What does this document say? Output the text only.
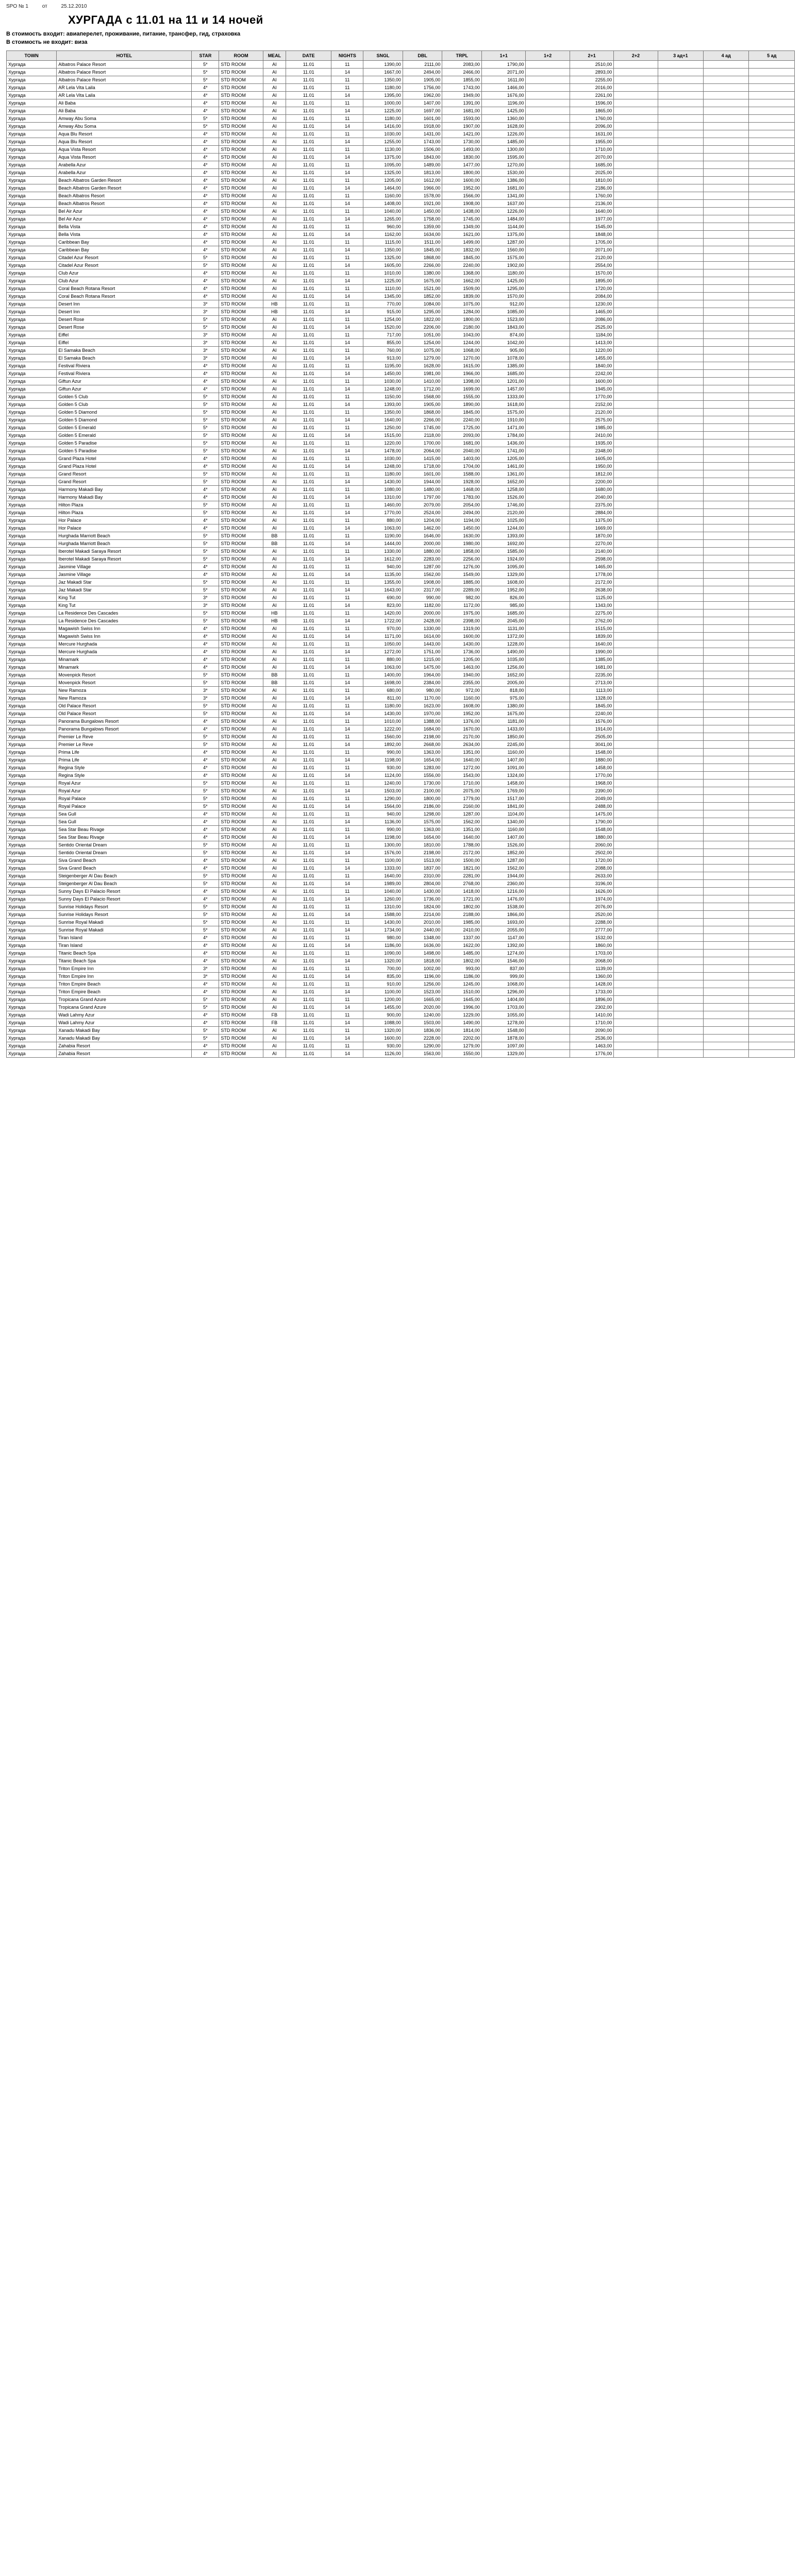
SPO № 1	от	25.12.2010
ХУРГАДА с 11.01 на 11 и 14 ночей
В стоимость входит: авиаперелет, проживание, питание, трансфер, гид, страховка
В стоимость не входит: виза
TOWN	HOTEL	STAR	ROOM	MEAL	DATE	NIGHTS	SNGL	DBL	TRPL	1+1	1+2	2+1	2+2	3 ад+1	4 ад	5 ад
Хургада	Albatros Palace Resort	5*	STD ROOM	AI	11.01	11	1390,00	2111,00	2083,00	1790,00		2510,00				
Хургада	Albatros Palace Resort	5*	STD ROOM	AI	11.01	14	1667,00	2494,00	2466,00	2071,00		2893,00				
Хургада	Albatros Palace Resort	5*	STD ROOM	AI	11.01	11	1350,00	1905,00	1855,00	1611,00		2255,00				
Хургада	AR Lela Vita Laila	4*	STD ROOM	AI	11.01	11	1180,00	1756,00	1743,00	1466,00		2016,00				
Хургада	AR Lela Vita Laila	4*	STD ROOM	AI	11.01	14	1395,00	1962,00	1949,00	1676,00		2261,00				
Хургада	Ali Baba	4*	STD ROOM	AI	11.01	11	1000,00	1407,00	1391,00	1196,00		1596,00				
Хургада	Ali Baba	4*	STD ROOM	AI	11.01	14	1225,00	1697,00	1681,00	1425,00		1865,00				
Хургада	Amway Abu Soma	5*	STD ROOM	AI	11.01	11	1180,00	1601,00	1593,00	1360,00		1760,00				
Хургада	Amway Abu Soma	5*	STD ROOM	AI	11.01	14	1416,00	1918,00	1907,00	1628,00		2096,00				
Хургада	Aqua Blu Resort	4*	STD ROOM	AI	11.01	11	1030,00	1431,00	1421,00	1226,00		1631,00				
Хургада	Aqua Blu Resort	4*	STD ROOM	AI	11.01	14	1255,00	1743,00	1730,00	1485,00		1955,00				
Хургада	Aqua Vista Resort	4*	STD ROOM	AI	11.01	11	1130,00	1506,00	1493,00	1300,00		1710,00				
Хургада	Aqua Vista Resort	4*	STD ROOM	AI	11.01	14	1375,00	1843,00	1830,00	1595,00		2070,00				
Хургада	Arabella Azur	4*	STD ROOM	AI	11.01	11	1095,00	1489,00	1477,00	1270,00		1685,00				
Хургада	Arabella Azur	4*	STD ROOM	AI	11.01	14	1325,00	1813,00	1800,00	1530,00		2025,00				
Хургада	Beach Albatros Garden Resort	4*	STD ROOM	AI	11.01	11	1205,00	1612,00	1600,00	1386,00		1810,00				
Хургада	Beach Albatros Garden Resort	4*	STD ROOM	AI	11.01	14	1464,00	1966,00	1952,00	1681,00		2186,00				
Хургада	Beach Albatros Resort	4*	STD ROOM	AI	11.01	11	1160,00	1578,00	1566,00	1341,00		1760,00				
Хургада	Beach Albatros Resort	4*	STD ROOM	AI	11.01	14	1408,00	1921,00	1908,00	1637,00		2136,00				
Хургада	Bel Air Azur	4*	STD ROOM	AI	11.01	11	1040,00	1450,00	1438,00	1226,00		1640,00				
Хургада	Bel Air Azur	4*	STD ROOM	AI	11.01	14	1265,00	1758,00	1745,00	1484,00		1977,00				
Хургада	Bella Vista	4*	STD ROOM	AI	11.01	11	960,00	1359,00	1349,00	1144,00		1545,00				
Хургада	Bella Vista	4*	STD ROOM	AI	11.01	14	1162,00	1634,00	1621,00	1375,00		1848,00				
Хургада	Caribbean Bay	4*	STD ROOM	AI	11.01	11	1115,00	1511,00	1499,00	1287,00		1705,00				
Хургада	Caribbean Bay	4*	STD ROOM	AI	11.01	14	1350,00	1845,00	1832,00	1560,00		2071,00				
Хургада	Citadel Azur Resort	5*	STD ROOM	AI	11.01	11	1325,00	1868,00	1845,00	1575,00		2120,00				
Хургада	Citadel Azur Resort	5*	STD ROOM	AI	11.01	14	1605,00	2266,00	2240,00	1902,00		2554,00				
Хургада	Club Azur	4*	STD ROOM	AI	11.01	11	1010,00	1380,00	1368,00	1180,00		1570,00				
Хургада	Club Azur	4*	STD ROOM	AI	11.01	14	1225,00	1675,00	1662,00	1425,00		1895,00				
Хургада	Coral Beach Rotana Resort	4*	STD ROOM	AI	11.01	11	1110,00	1521,00	1509,00	1295,00		1720,00				
Хургада	Coral Beach Rotana Resort	4*	STD ROOM	AI	11.01	14	1345,00	1852,00	1839,00	1570,00		2084,00				
Хургада	Desert Inn	3*	STD ROOM	HB	11.01	11	770,00	1084,00	1075,00	912,00		1230,00				
Хургада	Desert Inn	3*	STD ROOM	HB	11.01	14	915,00	1295,00	1284,00	1085,00		1465,00				
Хургада	Desert Rose	5*	STD ROOM	AI	11.01	11	1254,00	1822,00	1800,00	1523,00		2086,00				
Хургада	Desert Rose	5*	STD ROOM	AI	11.01	14	1520,00	2206,00	2180,00	1843,00		2525,00				
Хургада	Eiffel	3*	STD ROOM	AI	11.01	11	717,00	1051,00	1043,00	874,00		1184,00				
Хургада	Eiffel	3*	STD ROOM	AI	11.01	14	855,00	1254,00	1244,00	1042,00		1413,00				
Хургада	El Samaka Beach	3*	STD ROOM	AI	11.01	11	760,00	1075,00	1068,00	905,00		1220,00				
Хургада	El Samaka Beach	3*	STD ROOM	AI	11.01	14	913,00	1279,00	1270,00	1078,00		1455,00				
Хургада	Festival Riviera	4*	STD ROOM	AI	11.01	11	1195,00	1628,00	1615,00	1385,00		1840,00				
Хургада	Festival Riviera	4*	STD ROOM	AI	11.01	14	1450,00	1981,00	1966,00	1685,00		2242,00				
Хургада	Giftun Azur	4*	STD ROOM	AI	11.01	11	1030,00	1410,00	1398,00	1201,00		1600,00				
Хургада	Giftun Azur	4*	STD ROOM	AI	11.01	14	1248,00	1712,00	1699,00	1457,00		1945,00				
Хургада	Golden 5 Club	5*	STD ROOM	AI	11.01	11	1150,00	1568,00	1555,00	1333,00		1770,00				
Хургада	Golden 5 Club	5*	STD ROOM	AI	11.01	14	1393,00	1905,00	1890,00	1618,00		2152,00				
Хургада	Golden 5 Diamond	5*	STD ROOM	AI	11.01	11	1350,00	1868,00	1845,00	1575,00		2120,00				
Хургада	Golden 5 Diamond	5*	STD ROOM	AI	11.01	14	1640,00	2266,00	2240,00	1910,00		2575,00				
Хургада	Golden 5 Emerald	5*	STD ROOM	AI	11.01	11	1250,00	1745,00	1725,00	1471,00		1985,00				
Хургада	Golden 5 Emerald	5*	STD ROOM	AI	11.01	14	1515,00	2118,00	2093,00	1784,00		2410,00				
Хургада	Golden 5 Paradise	5*	STD ROOM	AI	11.01	11	1220,00	1700,00	1681,00	1436,00		1935,00				
Хургада	Golden 5 Paradise	5*	STD ROOM	AI	11.01	14	1478,00	2064,00	2040,00	1741,00		2348,00				
Хургада	Grand Plaza Hotel	4*	STD ROOM	AI	11.01	11	1030,00	1415,00	1403,00	1205,00		1605,00				
Хургада	Grand Plaza Hotel	4*	STD ROOM	AI	11.01	14	1248,00	1718,00	1704,00	1461,00		1950,00				
Хургада	Grand Resort	5*	STD ROOM	AI	11.01	11	1180,00	1601,00	1588,00	1361,00		1812,00				
Хургада	Grand Resort	5*	STD ROOM	AI	11.01	14	1430,00	1944,00	1928,00	1652,00		2200,00				
Хургада	Harmony Makadi Bay	4*	STD ROOM	AI	11.01	11	1080,00	1480,00	1468,00	1258,00		1680,00				
Хургада	Harmony Makadi Bay	4*	STD ROOM	AI	11.01	14	1310,00	1797,00	1783,00	1526,00		2040,00				
Хургада	Hilton Plaza	5*	STD ROOM	AI	11.01	11	1460,00	2079,00	2054,00	1746,00		2375,00				
Хургада	Hilton Plaza	5*	STD ROOM	AI	11.01	14	1770,00	2524,00	2494,00	2120,00		2884,00				
Хургада	Hor Palace	4*	STD ROOM	AI	11.01	11	880,00	1204,00	1194,00	1025,00		1375,00				
Хургада	Hor Palace	4*	STD ROOM	AI	11.01	14	1063,00	1462,00	1450,00	1244,00		1669,00				
Хургада	Hurghada Marriott Beach	5*	STD ROOM	BB	11.01	11	1190,00	1646,00	1630,00	1393,00		1870,00				
Хургада	Hurghada Marriott Beach	5*	STD ROOM	BB	11.01	14	1444,00	2000,00	1980,00	1692,00		2270,00				
Хургада	Iberotel Makadi Saraya Resort	5*	STD ROOM	AI	11.01	11	1330,00	1880,00	1858,00	1585,00		2140,00				
Хургада	Iberotel Makadi Saraya Resort	5*	STD ROOM	AI	11.01	14	1612,00	2283,00	2256,00	1924,00		2598,00				
Хургада	Jasmine Village	4*	STD ROOM	AI	11.01	11	940,00	1287,00	1276,00	1095,00		1465,00				
Хургада	Jasmine Village	4*	STD ROOM	AI	11.01	14	1135,00	1562,00	1549,00	1329,00		1778,00				
Хургада	Jaz Makadi Star	5*	STD ROOM	AI	11.01	11	1355,00	1908,00	1885,00	1608,00		2172,00				
Хургада	Jaz Makadi Star	5*	STD ROOM	AI	11.01	14	1643,00	2317,00	2289,00	1952,00		2638,00				
Хургада	King Tut	3*	STD ROOM	AI	11.01	11	690,00	990,00	982,00	826,00		1125,00				
Хургада	King Tut	3*	STD ROOM	AI	11.01	14	823,00	1182,00	1172,00	985,00		1343,00				
Хургада	La Residence Des Cascades	5*	STD ROOM	HB	11.01	11	1420,00	2000,00	1975,00	1685,00		2275,00				
Хургада	La Residence Des Cascades	5*	STD ROOM	HB	11.01	14	1722,00	2428,00	2398,00	2045,00		2762,00				
Хургада	Magawish Swiss Inn	4*	STD ROOM	AI	11.01	11	970,00	1330,00	1319,00	1131,00		1515,00				
Хургада	Magawish Swiss Inn	4*	STD ROOM	AI	11.01	14	1171,00	1614,00	1600,00	1372,00		1839,00				
Хургада	Mercure Hurghada	4*	STD ROOM	AI	11.01	11	1050,00	1443,00	1430,00	1228,00		1640,00				
Хургада	Mercure Hurghada	4*	STD ROOM	AI	11.01	14	1272,00	1751,00	1736,00	1490,00		1990,00				
Хургада	Minamark	4*	STD ROOM	AI	11.01	11	880,00	1215,00	1205,00	1035,00		1385,00				
Хургада	Minamark	4*	STD ROOM	AI	11.01	14	1063,00	1475,00	1463,00	1256,00		1681,00				
Хургада	Movenpick Resort	5*	STD ROOM	BB	11.01	11	1400,00	1964,00	1940,00	1652,00		2235,00				
Хургада	Movenpick Resort	5*	STD ROOM	BB	11.01	14	1698,00	2384,00	2355,00	2005,00		2713,00				
Хургада	New Ramoza	3*	STD ROOM	AI	11.01	11	680,00	980,00	972,00	818,00		1113,00				
Хургада	New Ramoza	3*	STD ROOM	AI	11.01	14	811,00	1170,00	1160,00	975,00		1328,00				
Хургада	Old Palace Resort	5*	STD ROOM	AI	11.01	11	1180,00	1623,00	1608,00	1380,00		1845,00				
Хургада	Old Palace Resort	5*	STD ROOM	AI	11.01	14	1430,00	1970,00	1952,00	1675,00		2240,00				
Хургада	Panorama Bungalows Resort	4*	STD ROOM	AI	11.01	11	1010,00	1388,00	1376,00	1181,00		1576,00				
Хургада	Panorama Bungalows Resort	4*	STD ROOM	AI	11.01	14	1222,00	1684,00	1670,00	1433,00		1914,00				
Хургада	Premier Le Reve	5*	STD ROOM	AI	11.01	11	1560,00	2198,00	2170,00	1850,00		2505,00				
Хургада	Premier Le Reve	5*	STD ROOM	AI	11.01	14	1892,00	2668,00	2634,00	2245,00		3041,00				
Хургада	Prima Life	4*	STD ROOM	AI	11.01	11	990,00	1363,00	1351,00	1160,00		1548,00				
Хургада	Prima Life	4*	STD ROOM	AI	11.01	14	1198,00	1654,00	1640,00	1407,00		1880,00				
Хургада	Regina Style	4*	STD ROOM	AI	11.01	11	930,00	1283,00	1272,00	1091,00		1458,00				
Хургада	Regina Style	4*	STD ROOM	AI	11.01	14	1124,00	1556,00	1543,00	1324,00		1770,00				
Хургада	Royal Azur	5*	STD ROOM	AI	11.01	11	1240,00	1730,00	1710,00	1458,00		1968,00				
Хургада	Royal Azur	5*	STD ROOM	AI	11.01	14	1503,00	2100,00	2075,00	1769,00		2390,00				
Хургада	Royal Palace	5*	STD ROOM	AI	11.01	11	1290,00	1800,00	1779,00	1517,00		2049,00				
Хургада	Royal Palace	5*	STD ROOM	AI	11.01	14	1564,00	2186,00	2160,00	1841,00		2488,00				
Хургада	Sea Gull	4*	STD ROOM	AI	11.01	11	940,00	1298,00	1287,00	1104,00		1475,00				
Хургада	Sea Gull	4*	STD ROOM	AI	11.01	14	1136,00	1575,00	1562,00	1340,00		1790,00				
Хургада	Sea Star Beau Rivage	4*	STD ROOM	AI	11.01	11	990,00	1363,00	1351,00	1160,00		1548,00				
Хургада	Sea Star Beau Rivage	4*	STD ROOM	AI	11.01	14	1198,00	1654,00	1640,00	1407,00		1880,00				
Хургада	Sentido Oriental Dream	5*	STD ROOM	AI	11.01	11	1300,00	1810,00	1788,00	1526,00		2060,00				
Хургада	Sentido Oriental Dream	5*	STD ROOM	AI	11.01	14	1576,00	2198,00	2172,00	1852,00		2502,00				
Хургада	Siva Grand Beach	4*	STD ROOM	AI	11.01	11	1100,00	1513,00	1500,00	1287,00		1720,00				
Хургада	Siva Grand Beach	4*	STD ROOM	AI	11.01	14	1333,00	1837,00	1821,00	1562,00		2088,00				
Хургада	Steigenberger Al Dau Beach	5*	STD ROOM	AI	11.01	11	1640,00	2310,00	2281,00	1944,00		2633,00				
Хургада	Steigenberger Al Dau Beach	5*	STD ROOM	AI	11.01	14	1989,00	2804,00	2768,00	2360,00		3196,00				
Хургада	Sunny Days El Palacio Resort	4*	STD ROOM	AI	11.01	11	1040,00	1430,00	1418,00	1216,00		1626,00				
Хургада	Sunny Days El Palacio Resort	4*	STD ROOM	AI	11.01	14	1260,00	1736,00	1721,00	1476,00		1974,00				
Хургада	Sunrise Holidays Resort	5*	STD ROOM	AI	11.01	11	1310,00	1824,00	1802,00	1538,00		2076,00				
Хургада	Sunrise Holidays Resort	5*	STD ROOM	AI	11.01	14	1588,00	2214,00	2188,00	1866,00		2520,00				
Хургада	Sunrise Royal Makadi	5*	STD ROOM	AI	11.01	11	1430,00	2010,00	1985,00	1693,00		2288,00				
Хургада	Sunrise Royal Makadi	5*	STD ROOM	AI	11.01	14	1734,00	2440,00	2410,00	2055,00		2777,00				
Хургада	Tiran Island	4*	STD ROOM	AI	11.01	11	980,00	1348,00	1337,00	1147,00		1532,00				
Хургада	Tiran Island	4*	STD ROOM	AI	11.01	14	1186,00	1636,00	1622,00	1392,00		1860,00				
Хургада	Titanic Beach Spa	4*	STD ROOM	AI	11.01	11	1090,00	1498,00	1485,00	1274,00		1703,00				
Хургада	Titanic Beach Spa	4*	STD ROOM	AI	11.01	14	1320,00	1818,00	1802,00	1546,00		2068,00				
Хургада	Triton Empire Inn	3*	STD ROOM	AI	11.01	11	700,00	1002,00	993,00	837,00		1139,00				
Хургада	Triton Empire Inn	3*	STD ROOM	AI	11.01	14	835,00	1196,00	1186,00	999,00		1360,00				
Хургада	Triton Empire Beach	4*	STD ROOM	AI	11.01	11	910,00	1256,00	1245,00	1068,00		1428,00				
Хургада	Triton Empire Beach	4*	STD ROOM	AI	11.01	14	1100,00	1523,00	1510,00	1296,00		1733,00				
Хургада	Tropicana Grand Azure	5*	STD ROOM	AI	11.01	11	1200,00	1665,00	1645,00	1404,00		1896,00				
Хургада	Tropicana Grand Azure	5*	STD ROOM	AI	11.01	14	1455,00	2020,00	1996,00	1703,00		2302,00				
Хургада	Wadi Lahmy Azur	4*	STD ROOM	FB	11.01	11	900,00	1240,00	1229,00	1055,00		1410,00				
Хургада	Wadi Lahmy Azur	4*	STD ROOM	FB	11.01	14	1088,00	1503,00	1490,00	1278,00		1710,00				
Хургада	Xanadu Makadi Bay	5*	STD ROOM	AI	11.01	11	1320,00	1836,00	1814,00	1548,00		2090,00				
Хургада	Xanadu Makadi Bay	5*	STD ROOM	AI	11.01	14	1600,00	2228,00	2202,00	1878,00		2536,00				
Хургада	Zahabia Resort	4*	STD ROOM	AI	11.01	11	930,00	1290,00	1279,00	1097,00		1463,00				
Хургада	Zahabia Resort	4*	STD ROOM	AI	11.01	14	1126,00	1563,00	1550,00	1329,00		1776,00				
